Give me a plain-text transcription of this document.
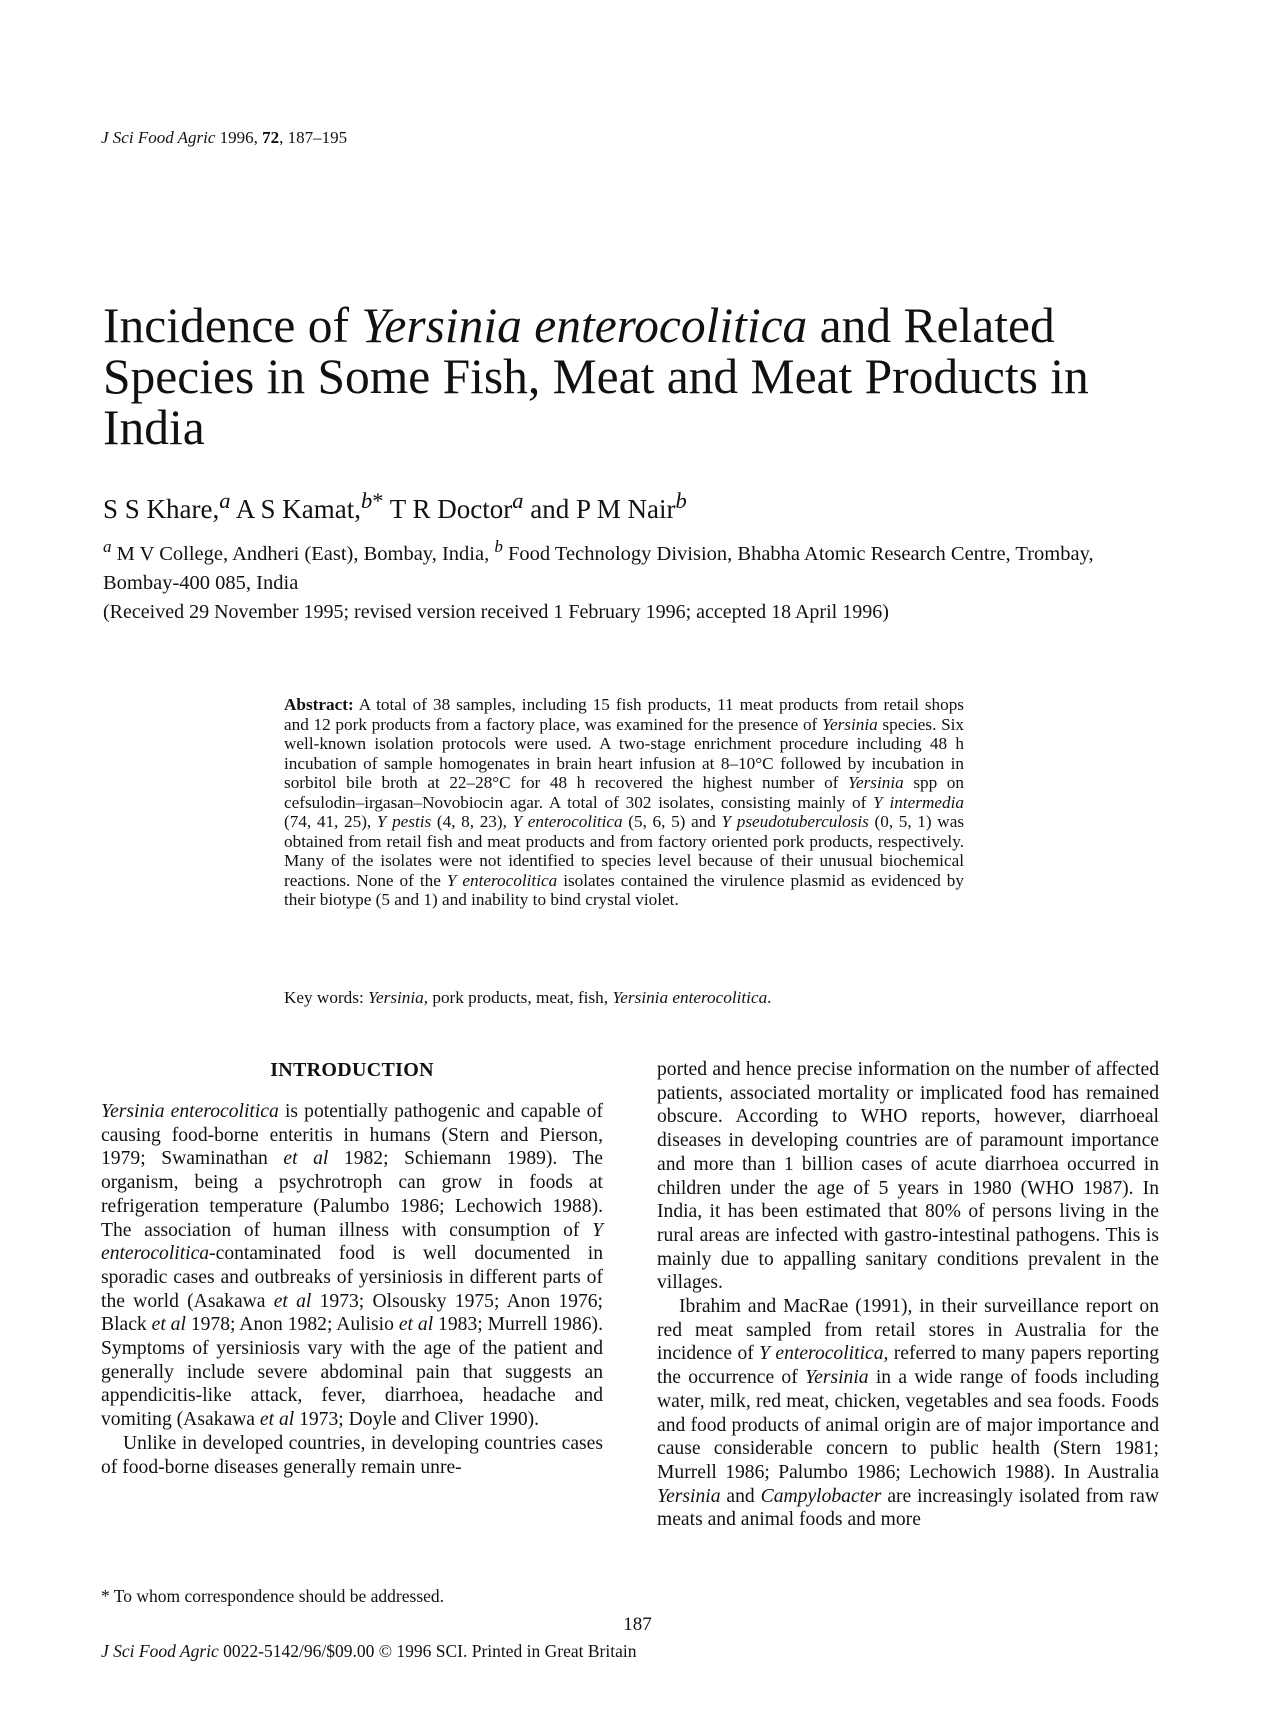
J Sci Food Agric 1996, 72, 187–195
Incidence of Yersinia enterocolitica and Related Species in Some Fish, Meat and Meat Products in India
S S Khare,$^a$ A S Kamat,$^{b*}$ T R Doctor$^a$ and P M Nair$^b$
$^a$ M V College, Andheri (East), Bombay, India, $^b$ Food Technology Division, Bhabha Atomic Research Centre, Trombay, Bombay-400 085, India
(Received 29 November 1995; revised version received 1 February 1996; accepted 18 April 1996)

Abstract: A total of 38 samples, including 15 fish products, 11 meat products from retail shops and 12 pork products from a factory place, was examined for the presence of Yersinia species. Six well-known isolation protocols were used. A two-stage enrichment procedure including 48 h incubation of sample homogenates in brain heart infusion at 8–10°C followed by incubation in sorbitol bile broth at 22–28°C for 48 h recovered the highest number of Yersinia spp on cefsulodin–irgasan–Novobiocin agar. A total of 302 isolates, consisting mainly of Y intermedia (74, 41, 25), Y pestis (4, 8, 23), Y enterocolitica (5, 6, 5) and Y pseudotuberculosis (0, 5, 1) was obtained from retail fish and meat products and from factory oriented pork products, respectively. Many of the isolates were not identified to species level because of their unusual biochemical reactions. None of the Y enterocolitica isolates contained the virulence plasmid as evidenced by their biotype (5 and 1) and inability to bind crystal violet.

Key words: Yersinia, pork products, meat, fish, Yersinia enterocolitica.
INTRODUCTION

Yersinia enterocolitica is potentially pathogenic and capable of causing food-borne enteritis in humans (Stern and Pierson, 1979; Swaminathan et al 1982; Schiemann 1989). The organism, being a psychrotroph can grow in foods at refrigeration temperature (Palumbo 1986; Lechowich 1988). The association of human illness with consumption of Y enterocolitica-contaminated food is well documented in sporadic cases and outbreaks of yersiniosis in different parts of the world (Asakawa et al 1973; Olsousky 1975; Anon 1976; Black et al 1978; Anon 1982; Aulisio et al 1983; Murrell 1986). Symptoms of yersiniosis vary with the age of the patient and generally include severe abdominal pain that suggests an appendicitis-like attack, fever, diarrhoea, headache and vomiting (Asakawa et al 1973; Doyle and Cliver 1990).

Unlike in developed countries, in developing countries cases of food-borne diseases generally remain unre-

ported and hence precise information on the number of affected patients, associated mortality or implicated food has remained obscure. According to WHO reports, however, diarrhoeal diseases in developing countries are of paramount importance and more than 1 billion cases of acute diarrhoea occurred in children under the age of 5 years in 1980 (WHO 1987). In India, it has been estimated that 80% of persons living in the rural areas are infected with gastro-intestinal pathogens. This is mainly due to appalling sanitary conditions prevalent in the villages.

Ibrahim and MacRae (1991), in their surveillance report on red meat sampled from retail stores in Australia for the incidence of Y enterocolitica, referred to many papers reporting the occurrence of Yersinia in a wide range of foods including water, milk, red meat, chicken, vegetables and sea foods. Foods and food products of animal origin are of major importance and cause considerable concern to public health (Stern 1981; Murrell 1986; Palumbo 1986; Lechowich 1988). In Australia Yersinia and Campylobacter are increasingly isolated from raw meats and animal foods and more

* To whom correspondence should be addressed.
187
J Sci Food Agric 0022-5142/96/$09.00 © 1996 SCI. Printed in Great Britain
